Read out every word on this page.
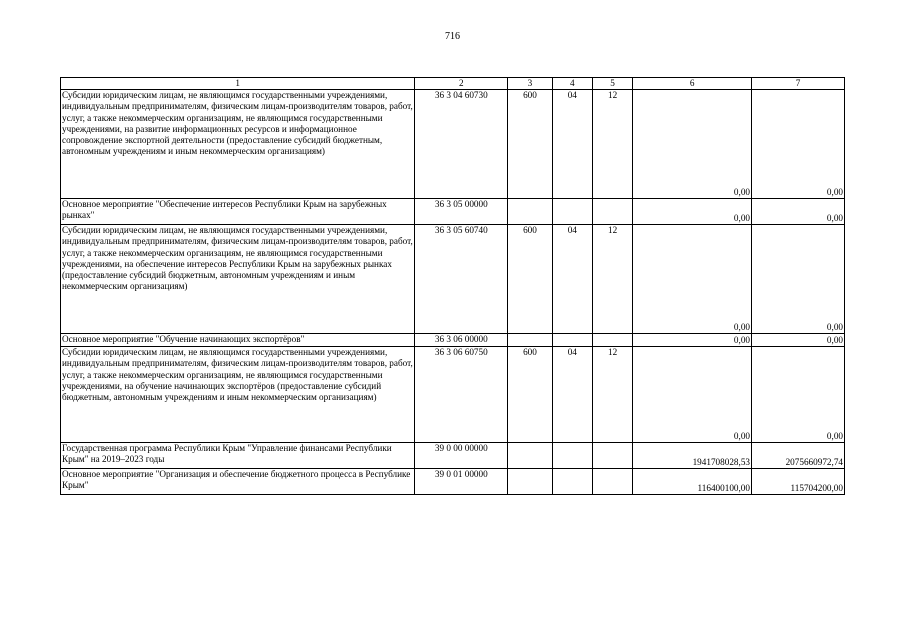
716
1	2	3	4	5	6	7
Субсидии юридическим лицам, не являющимся государственными учреждениями, индивидуальным предпринимателям, физическим лицам-производителям товаров, работ, услуг, а также некоммерческим организациям, не являющимся государственными учреждениями, на развитие информационных ресурсов и информационное сопровождение экспортной деятельности (предоставление субсидий бюджетным, автономным учреждениям и иным некоммерческим организациям)	36 3 04 60730	600	04	12	0,00	0,00
Основное мероприятие "Обеспечение интересов Республики Крым на зарубежных рынках"	36 3 05 00000				0,00	0,00
Субсидии юридическим лицам, не являющимся государственными учреждениями, индивидуальным предпринимателям, физическим лицам-производителям товаров, работ, услуг, а также некоммерческим организациям, не являющимся государственными учреждениями, на обеспечение интересов Республики Крым на зарубежных рынках (предоставление субсидий бюджетным, автономным учреждениям и иным некоммерческим организациям)	36 3 05 60740	600	04	12	0,00	0,00
Основное мероприятие "Обучение начинающих экспортёров"	36 3 06 00000				0,00	0,00
Субсидии юридическим лицам, не являющимся государственными учреждениями, индивидуальным предпринимателям, физическим лицам-производителям товаров, работ, услуг, а также некоммерческим организациям, не являющимся государственными учреждениями, на обучение начинающих экспортёров (предоставление субсидий бюджетным, автономным учреждениям и иным некоммерческим организациям)	36 3 06 60750	600	04	12	0,00	0,00
Государственная программа Республики Крым "Управление финансами Республики Крым" на 2019–2023 годы	39 0 00 00000				1941708028,53	2075660972,74
Основное мероприятие "Организация и обеспечение бюджетного процесса в Республике Крым"	39 0 01 00000				116400100,00	115704200,00
